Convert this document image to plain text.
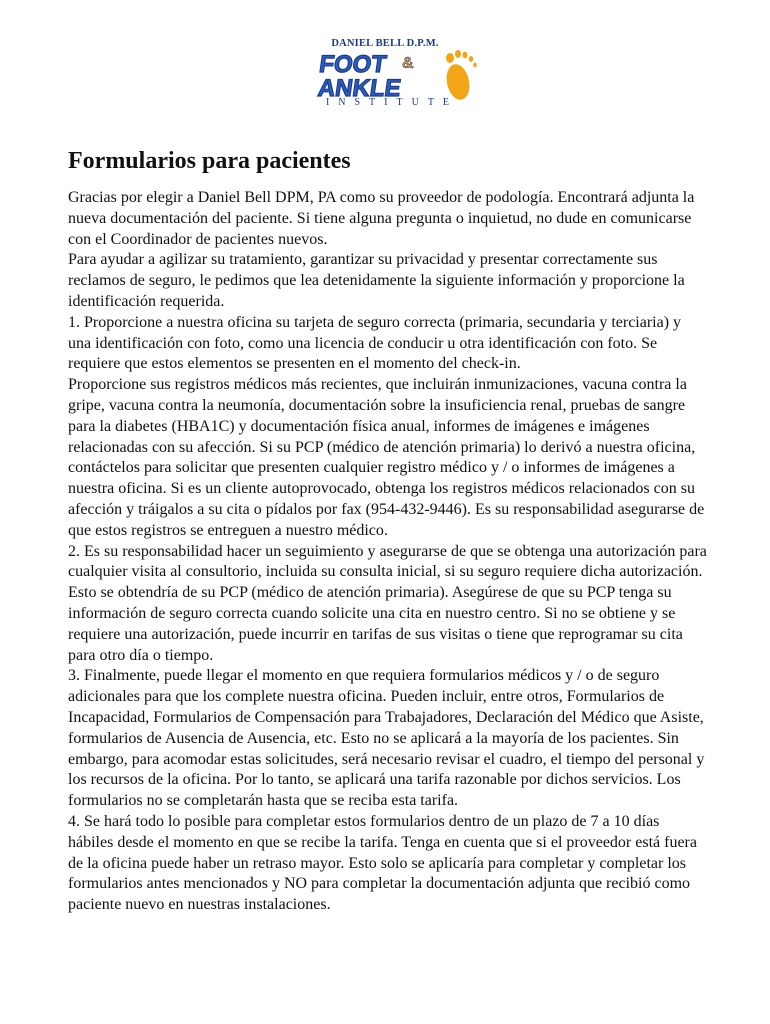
DANIEL BELL D.P.M.
FOOT &
ANKLE
INSTITUTE
Formularios para pacientes

Gracias por elegir a Daniel Bell DPM, PA como su proveedor de podología. Encontrará adjunta la nueva documentación del paciente. Si tiene alguna pregunta o inquietud, no dude en comunicarse con el Coordinador de pacientes nuevos.

Para ayudar a agilizar su tratamiento, garantizar su privacidad y presentar correctamente sus reclamos de seguro, le pedimos que lea detenidamente la siguiente información y proporcione la identificación requerida.

1. Proporcione a nuestra oficina su tarjeta de seguro correcta (primaria, secundaria y terciaria) y una identificación con foto, como una licencia de conducir u otra identificación con foto. Se requiere que estos elementos se presenten en el momento del check-in.

Proporcione sus registros médicos más recientes, que incluirán inmunizaciones, vacuna contra la gripe, vacuna contra la neumonía, documentación sobre la insuficiencia renal, pruebas de sangre para la diabetes (HBA1C) y documentación física anual, informes de imágenes e imágenes relacionadas con su afección. Si su PCP (médico de atención primaria) lo derivó a nuestra oficina, contáctelos para solicitar que presenten cualquier registro médico y / o informes de imágenes a nuestra oficina. Si es un cliente autoprovocado, obtenga los registros médicos relacionados con su afección y tráigalos a su cita o pídalos por fax (954-432-9446). Es su responsabilidad asegurarse de que estos registros se entreguen a nuestro médico.

2. Es su responsabilidad hacer un seguimiento y asegurarse de que se obtenga una autorización para cualquier visita al consultorio, incluida su consulta inicial, si su seguro requiere dicha autorización. Esto se obtendría de su PCP (médico de atención primaria). Asegúrese de que su PCP tenga su información de seguro correcta cuando solicite una cita en nuestro centro. Si no se obtiene y se requiere una autorización, puede incurrir en tarifas de sus visitas o tiene que reprogramar su cita para otro día o tiempo.

3. Finalmente, puede llegar el momento en que requiera formularios médicos y / o de seguro adicionales para que los complete nuestra oficina. Pueden incluir, entre otros, Formularios de Incapacidad, Formularios de Compensación para Trabajadores, Declaración del Médico que Asiste, formularios de Ausencia de Ausencia, etc. Esto no se aplicará a la mayoría de los pacientes. Sin embargo, para acomodar estas solicitudes, será necesario revisar el cuadro, el tiempo del personal y los recursos de la oficina. Por lo tanto, se aplicará una tarifa razonable por dichos servicios. Los formularios no se completarán hasta que se reciba esta tarifa.

4. Se hará todo lo posible para completar estos formularios dentro de un plazo de 7 a 10 días hábiles desde el momento en que se recibe la tarifa. Tenga en cuenta que si el proveedor está fuera de la oficina puede haber un retraso mayor. Esto solo se aplicaría para completar y completar los formularios antes mencionados y NO para completar la documentación adjunta que recibió como paciente nuevo en nuestras instalaciones.
